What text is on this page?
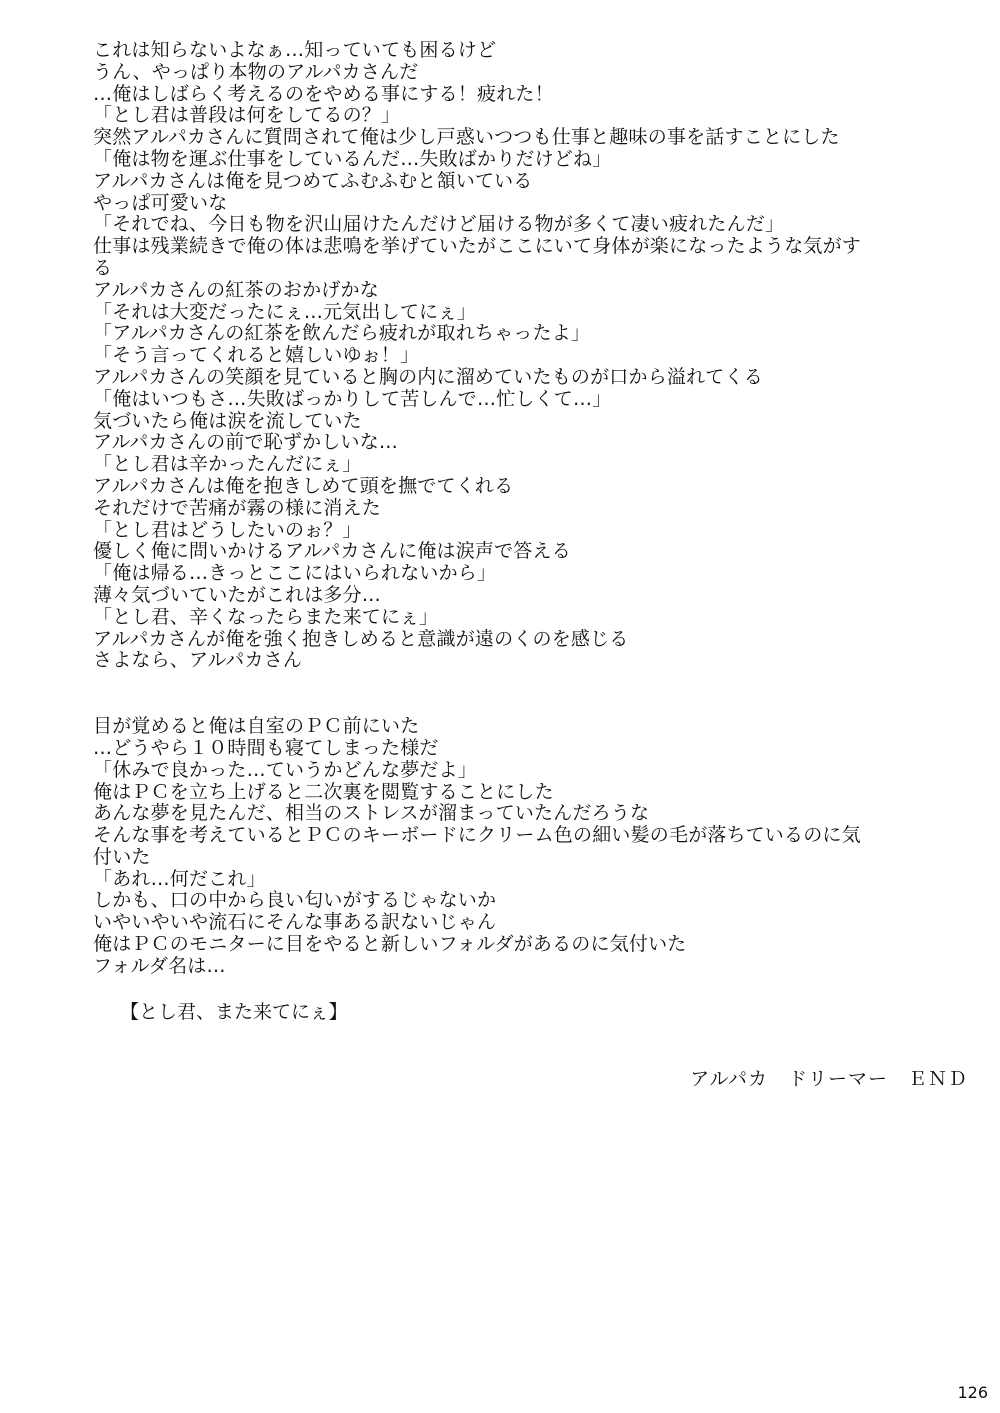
これは知らないよなぁ…知っていても困るけど
うん、やっぱり本物のアルパカさんだ
…俺はしばらく考えるのをやめる事にする！疲れた！
「とし君は普段は何をしてるの？」
突然アルパカさんに質問されて俺は少し戸惑いつつも仕事と趣味の事を話すことにした
「俺は物を運ぶ仕事をしているんだ…失敗ばかりだけどね」
アルパカさんは俺を見つめてふむふむと頷いている
やっぱ可愛いな
「それでね、今日も物を沢山届けたんだけど届ける物が多くて凄い疲れたんだ」
仕事は残業続きで俺の体は悲鳴を挙げていたがここにいて身体が楽になったような気がす
る
アルパカさんの紅茶のおかげかな
「それは大変だったにぇ…元気出してにぇ」
「アルパカさんの紅茶を飲んだら疲れが取れちゃったよ」
「そう言ってくれると嬉しいゆぉ！」
アルパカさんの笑顔を見ていると胸の内に溜めていたものが口から溢れてくる
「俺はいつもさ…失敗ばっかりして苦しんで…忙しくて…」
気づいたら俺は涙を流していた
アルパカさんの前で恥ずかしいな…
「とし君は辛かったんだにぇ」
アルパカさんは俺を抱きしめて頭を撫でてくれる
それだけで苦痛が霧の様に消えた
「とし君はどうしたいのぉ？」
優しく俺に問いかけるアルパカさんに俺は涙声で答える
「俺は帰る…きっとここにはいられないから」
薄々気づいていたがこれは多分…
「とし君、辛くなったらまた来てにぇ」
アルパカさんが俺を強く抱きしめると意識が遠のくのを感じる
さよなら、アルパカさん
目が覚めると俺は自室のＰＣ前にいた
…どうやら１０時間も寝てしまった様だ
「休みで良かった…ていうかどんな夢だよ」
俺はＰＣを立ち上げると二次裏を閲覧することにした
あんな夢を見たんだ、相当のストレスが溜まっていたんだろうな
そんな事を考えているとＰＣのキーボードにクリーム色の細い髪の毛が落ちているのに気
付いた
「あれ…何だこれ」
しかも、口の中から良い匂いがするじゃないか
いやいやいや流石にそんな事ある訳ないじゃん
俺はＰＣのモニターに目をやると新しいフォルダがあるのに気付いた
フォルダ名は…
【とし君、また来てにぇ】
アルパカ　ドリーマー　ＥＮＤ
126
